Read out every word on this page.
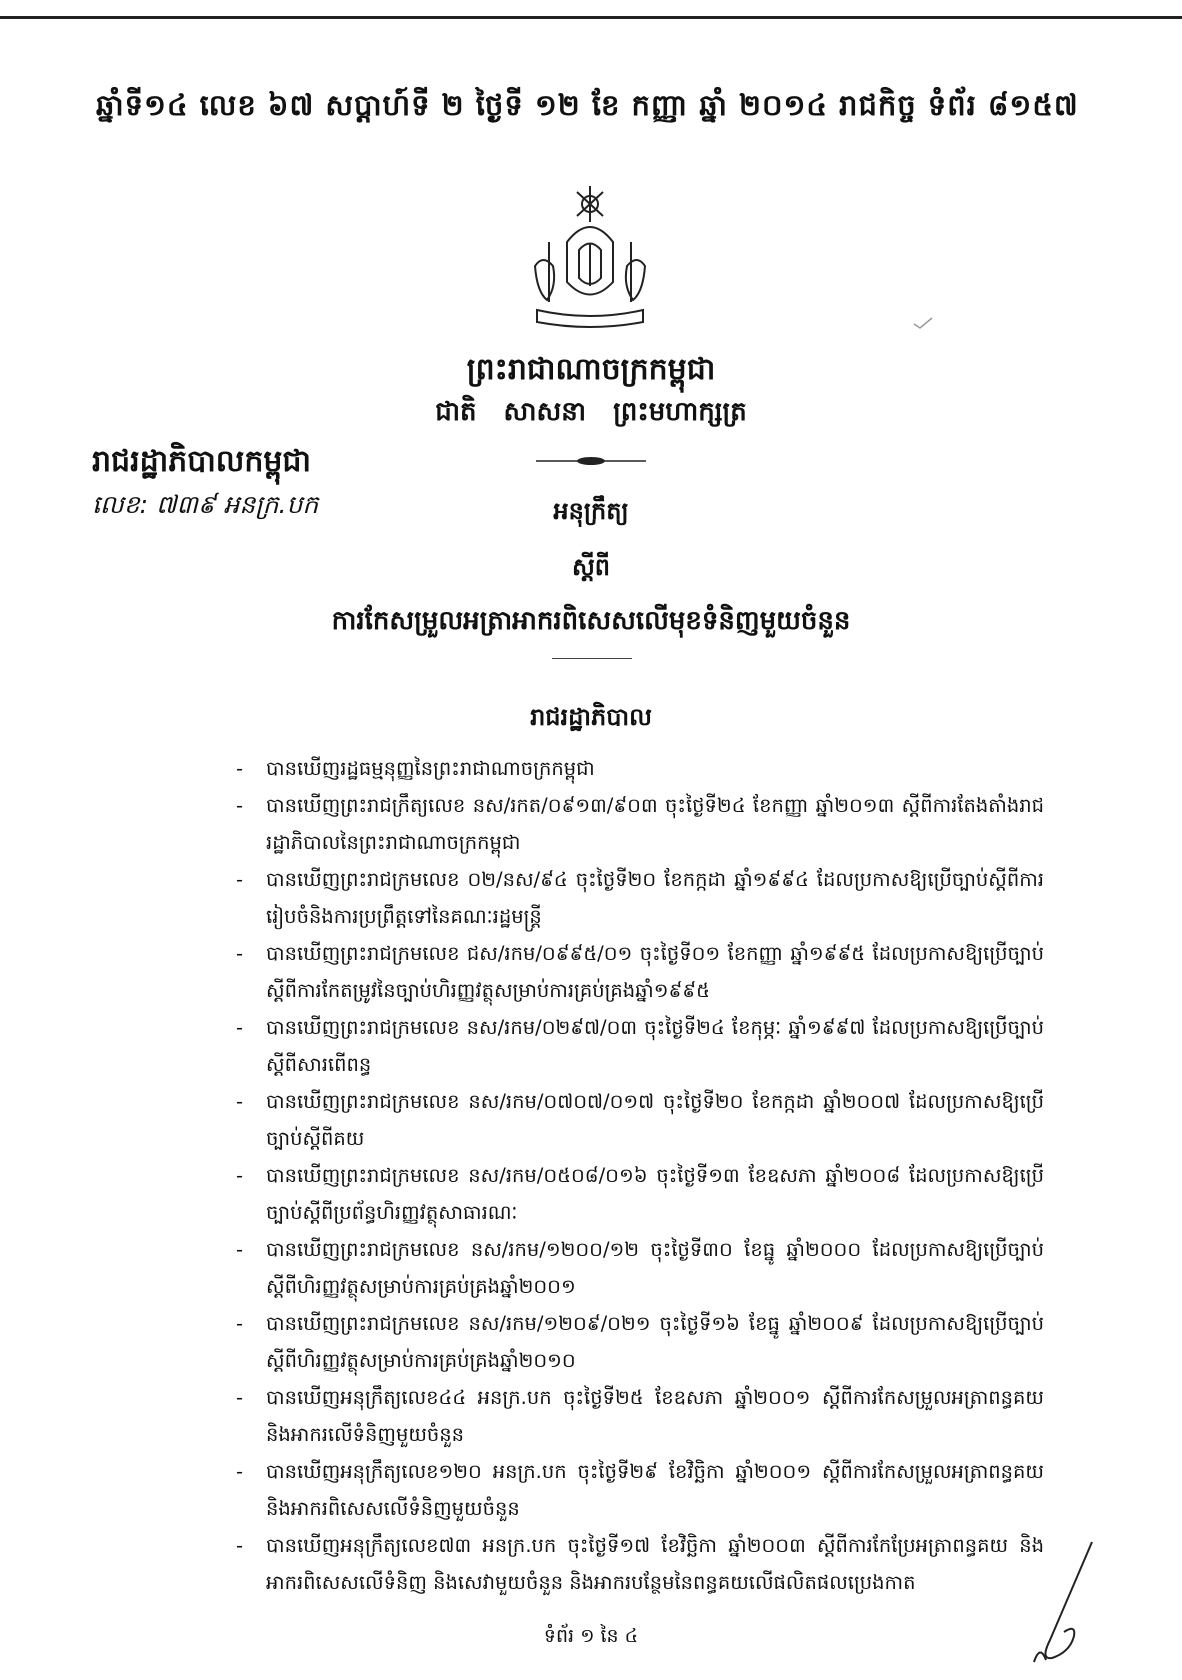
ឆ្នាំទី១៤ លេខ ៦៧ សប្តាហ៍ទី ២ ថ្ងៃទី ១២ ខែ កញ្ញា ឆ្នាំ ២០១៤ រាជកិច្ច ទំព័រ ៨១៥៧
ព្រះរាជាណាចក្រកម្ពុជា
ជាតិ សាសនា ព្រះមហាក្សត្រ
រាជរដ្ឋាភិបាលកម្ពុជា
លេខ: ៧៣៩ អនក្រ.បក	អនុក្រឹត្យ
ស្តីពី
ការកែសម្រួលអត្រាអាករពិសេសលើមុខទំនិញមួយចំនួន
រាជរដ្ឋាភិបាល
- បានឃើញរដ្ឋធម្មនុញ្ញនៃព្រះរាជាណាចក្រកម្ពុជា
- បានឃើញព្រះរាជក្រឹត្យលេខ នស/រកត/០៩១៣/៩០៣ ចុះថ្ងៃទី២៤ ខែកញ្ញា ឆ្នាំ២០១៣ ស្តីពីការតែងតាំងរាជរដ្ឋាភិបាលនៃព្រះរាជាណាចក្រកម្ពុជា
- បានឃើញព្រះរាជក្រមលេខ ០២/នស/៩៤ ចុះថ្ងៃទី២០ ខែកក្កដា ឆ្នាំ១៩៩៤ ដែលប្រកាសឱ្យប្រើច្បាប់ស្តីពីការរៀបចំនិងការប្រព្រឹត្តទៅនៃគណៈរដ្ឋមន្ត្រី
- បានឃើញព្រះរាជក្រមលេខ ជស/រកម/០៩៩៥/០១ ចុះថ្ងៃទី០១ ខែកញ្ញា ឆ្នាំ១៩៩៥ ដែលប្រកាសឱ្យប្រើច្បាប់ស្តីពីការកែតម្រូវនៃច្បាប់ហិរញ្ញវត្ថុសម្រាប់ការគ្រប់គ្រងឆ្នាំ១៩៩៥
- បានឃើញព្រះរាជក្រមលេខ នស/រកម/០២៩៧/០៣ ចុះថ្ងៃទី២៤ ខែកុម្ភៈ ឆ្នាំ១៩៩៧ ដែលប្រកាសឱ្យប្រើច្បាប់ស្តីពីសារពើពន្ធ
- បានឃើញព្រះរាជក្រមលេខ នស/រកម/០៧០៧/០១៧ ចុះថ្ងៃទី២០ ខែកក្កដា ឆ្នាំ២០០៧ ដែលប្រកាសឱ្យប្រើច្បាប់ស្តីពីគយ
- បានឃើញព្រះរាជក្រមលេខ នស/រកម/០៥០៨/០១៦ ចុះថ្ងៃទី១៣ ខែឧសភា ឆ្នាំ២០០៨ ដែលប្រកាសឱ្យប្រើច្បាប់ស្តីពីប្រព័ន្ធហិរញ្ញវត្ថុសាធារណៈ
- បានឃើញព្រះរាជក្រមលេខ នស/រកម/១២០០/១២ ចុះថ្ងៃទី៣០ ខែធ្នូ ឆ្នាំ២០០០ ដែលប្រកាសឱ្យប្រើច្បាប់ស្តីពីហិរញ្ញវត្ថុសម្រាប់ការគ្រប់គ្រងឆ្នាំ២០០១
- បានឃើញព្រះរាជក្រមលេខ នស/រកម/១២០៩/០២១ ចុះថ្ងៃទី១៦ ខែធ្នូ ឆ្នាំ២០០៩ ដែលប្រកាសឱ្យប្រើច្បាប់ស្តីពីហិរញ្ញវត្ថុសម្រាប់ការគ្រប់គ្រងឆ្នាំ២០១០
- បានឃើញអនុក្រឹត្យលេខ៤៤ អនក្រ.បក ចុះថ្ងៃទី២៥ ខែឧសភា ឆ្នាំ២០០១ ស្តីពីការកែសម្រួលអត្រាពន្ធគយ និងអាករលើទំនិញមួយចំនួន
- បានឃើញអនុក្រឹត្យលេខ១២០ អនក្រ.បក ចុះថ្ងៃទី២៩ ខែវិច្ឆិកា ឆ្នាំ២០០១ ស្តីពីការកែសម្រួលអត្រាពន្ធគយ និងអាករពិសេសលើទំនិញមួយចំនួន
- បានឃើញអនុក្រឹត្យលេខ៧៣ អនក្រ.បក ចុះថ្ងៃទី១៧ ខែវិច្ឆិកា ឆ្នាំ២០០៣ ស្តីពីការកែប្រែអត្រាពន្ធគយ និងអាករពិសេសលើទំនិញ និងសេវាមួយចំនួន និងអាករបន្ថែមនៃពន្ធគយលើផលិតផលប្រេងកាត
ទំព័រ ១ នៃ ៤
